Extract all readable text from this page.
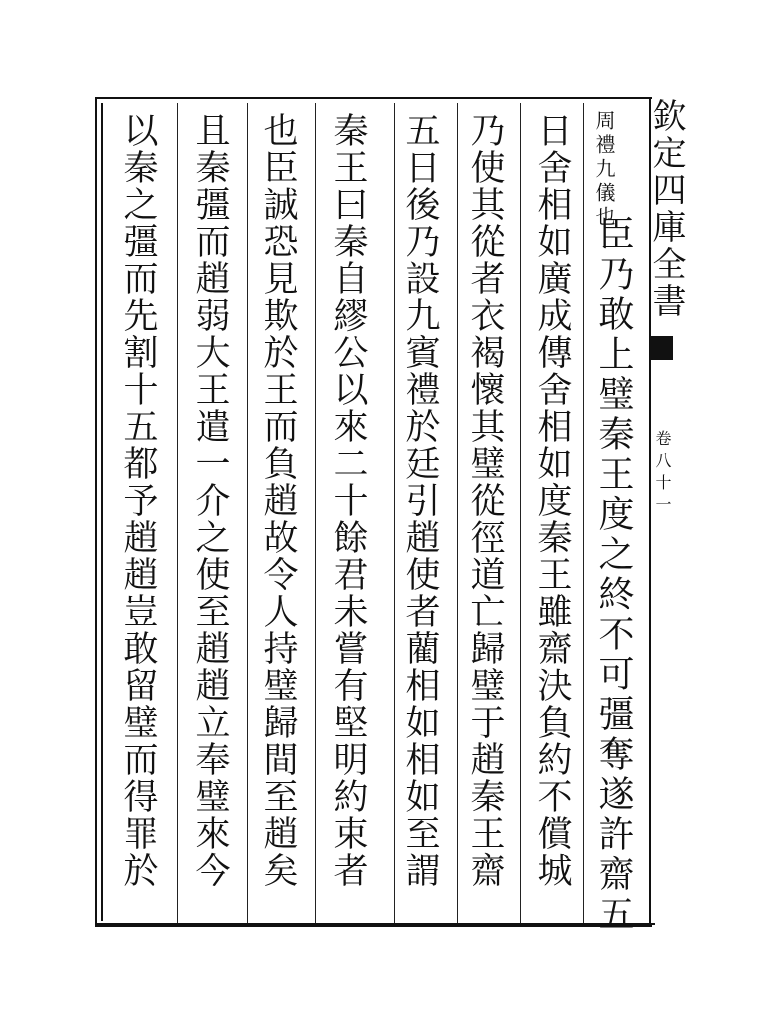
欽定四庫全書
卷八十一
周禮九儀也
臣乃敢上璧秦王度之終不可彊奪遂許齋五
日舍相如廣成傳舍相如度秦王雖齋決負約不償城
乃使其從者衣褐懷其璧從徑道亡歸璧于趙秦王齋
五日後乃設九賓禮於廷引趙使者藺相如相如至謂
秦王曰秦自繆公以來二十餘君未嘗有堅明約束者
也臣誠恐見欺於王而負趙故令人持璧歸間至趙矣
且秦彊而趙弱大王遣一介之使至趙趙立奉璧來今
以秦之彊而先割十五都予趙趙豈敢留璧而得罪於
